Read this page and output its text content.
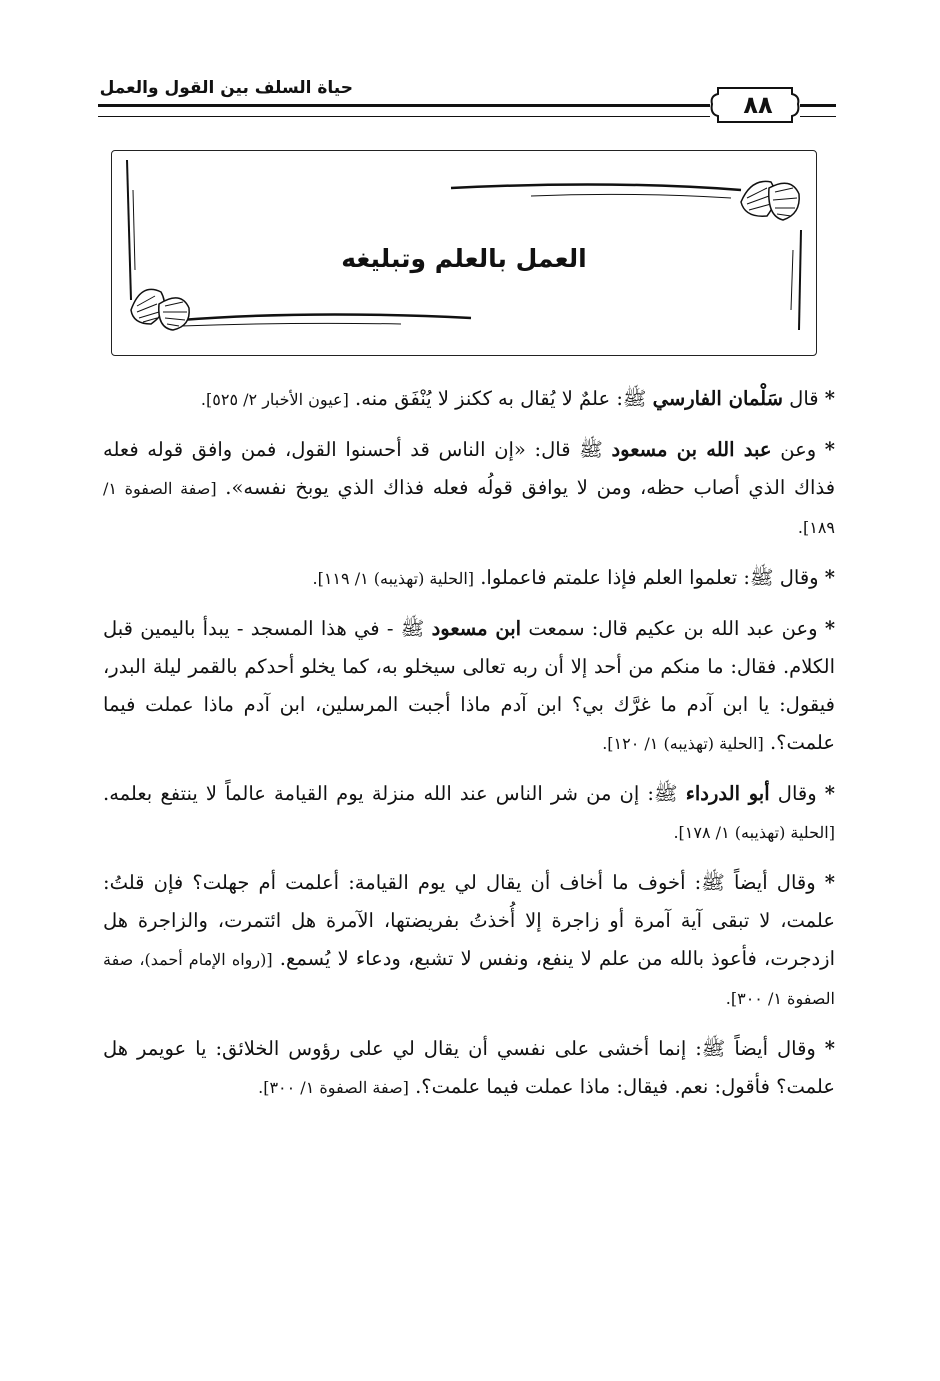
حياة السلف بين القول والعمل
٨٨
العمل بالعلم وتبليغه

* قال سَلْمان الفارسي ﷺ: علمٌ لا يُقال به ككنز لا يُنْفَق منه. [عيون الأخبار ٢/ ٥٢٥].

* وعن عبد الله بن مسعود ﷺ قال: «إن الناس قد أحسنوا القول، فمن وافق قوله فعله فذاك الذي أصاب حظه، ومن لا يوافق قولُه فعله فذاك الذي يوبخ نفسه». [صفة الصفوة ١/ ١٨٩].

* وقال ﷺ: تعلموا العلم فإذا علمتم فاعملوا. [الحلية (تهذيبه) ١/ ١١٩].

* وعن عبد الله بن عكيم قال: سمعت ابن مسعود ﷺ - في هذا المسجد - يبدأ باليمين قبل الكلام. فقال: ما منكم من أحد إلا أن ربه تعالى سيخلو به، كما يخلو أحدكم بالقمر ليلة البدر، فيقول: يا ابن آدم ما غرَّك بي؟ ابن آدم ماذا أجبت المرسلين، ابن آدم ماذا عملت فيما علمت؟. [الحلية (تهذيبه) ١/ ١٢٠].

* وقال أبو الدرداء ﷺ: إن من شر الناس عند الله منزلة يوم القيامة عالماً لا ينتفع بعلمه. [الحلية (تهذيبه) ١/ ١٧٨].

* وقال أيضاً ﷺ: أخوف ما أخاف أن يقال لي يوم القيامة: أعلمت أم جهلت؟ فإن قلتُ: علمت، لا تبقى آية آمرة أو زاجرة إلا أُخذتُ بفريضتها، الآمرة هل ائتمرت، والزاجرة هل ازدجرت، فأعوذ بالله من علم لا ينفع، ونفس لا تشبع، ودعاء لا يُسمع. [(رواه الإمام أحمد)، صفة الصفوة ١/ ٣٠٠].

* وقال أيضاً ﷺ: إنما أخشى على نفسي أن يقال لي على رؤوس الخلائق: يا عويمر هل علمت؟ فأقول: نعم. فيقال: ماذا عملت فيما علمت؟. [صفة الصفوة ١/ ٣٠٠].
